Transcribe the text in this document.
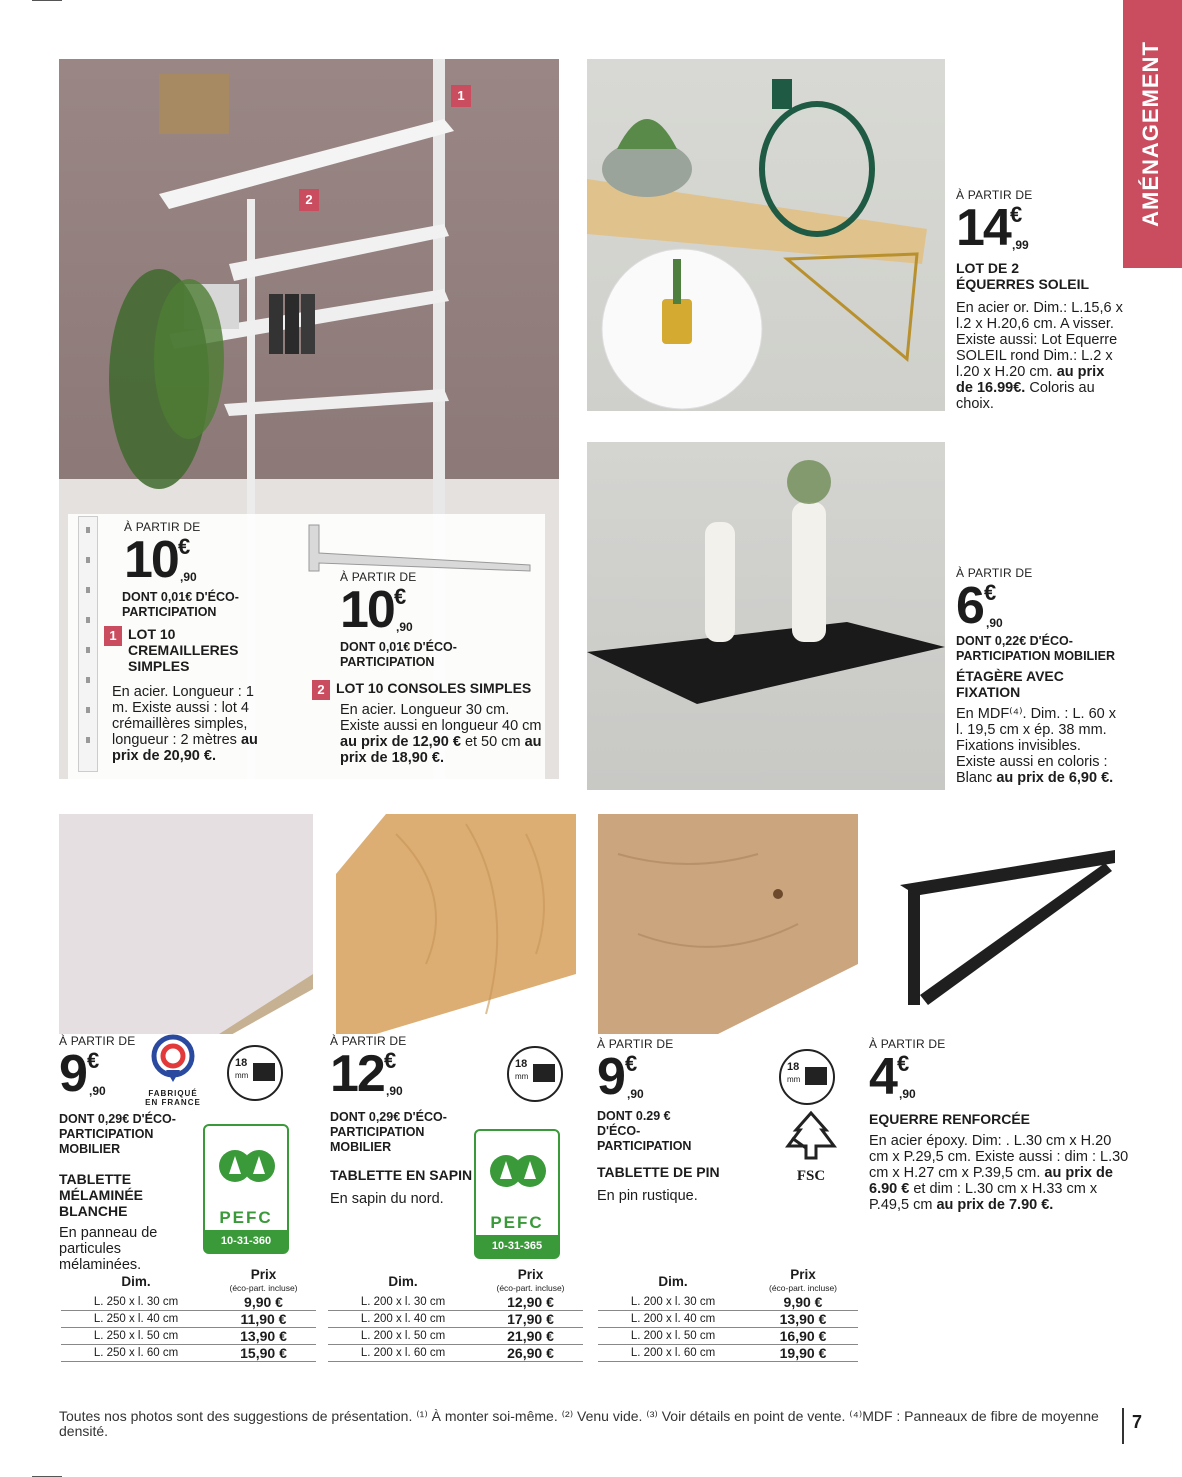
AMÉNAGEMENT
1
2
À PARTIR DE
10 €
,90
DONT 0,01€ D'ÉCO-PARTICIPATION
1 LOT 10 CREMAILLERES SIMPLES
En acier. Longueur : 1 m. Existe aussi : lot 4 crémaillères simples, longueur : 2 mètres au prix de 20,90 €.
À PARTIR DE
10 €
,90
DONT 0,01€ D'ÉCO-PARTICIPATION
2 LOT 10 CONSOLES SIMPLES
En acier. Longueur 30 cm. Existe aussi en longueur 40 cm au prix de 12,90 € et 50 cm au prix de 18,90 €.
À PARTIR DE
14 €
,99
LOT DE 2 ÉQUERRES SOLEIL
En acier or. Dim.: L.15,6 x l.2 x H.20,6 cm. A visser. Existe aussi: Lot Equerre SOLEIL rond Dim.: L.2 x l.20 x H.20 cm. au prix de 16.99€. Coloris au choix.
À PARTIR DE
6 €
,90
DONT 0,22€ D'ÉCO-PARTICIPATION MOBILIER
ÉTAGÈRE AVEC FIXATION
En MDF⁽⁴⁾. Dim. : L. 60 x l. 19,5 cm x ép. 38 mm. Fixations invisibles. Existe aussi en coloris : Blanc au prix de 6,90 €.
À PARTIR DE
9 €
,90
DONT 0,29€ D'ÉCO-PARTICIPATION MOBILIER
TABLETTE MÉLAMINÉE BLANCHE
En panneau de particules mélaminées.
FABRIQUÉ EN FRANCE
18
mm
18
mm
18
mm
PEFC
10-31-360
PEFC
10-31-365
FSC
À PARTIR DE
12 €
,90
DONT 0,29€ D'ÉCO-PARTICIPATION MOBILIER
TABLETTE EN SAPIN
En sapin du nord.
À PARTIR DE
9 €
,90
DONT 0.29 € D'ÉCO-PARTICIPATION
TABLETTE DE PIN
En pin rustique.
À PARTIR DE
4 €
,90
EQUERRE RENFORCÉE
En acier époxy. Dim: . L.30 cm x H.20 cm x P.29,5 cm. Existe aussi : dim : L.30 cm x H.27 cm x P.39,5 cm. au prix de 6.90 € et dim : L.30 cm x H.33 cm x P.49,5 cm au prix de 7.90 €.
Dim.	Prix
(éco-part. incluse)
L. 250 x l. 30 cm	9,90 €
L. 250 x l. 40 cm	11,90 €
L. 250 x l. 50 cm	13,90 €
L. 250 x l. 60 cm	15,90 €
Dim.	Prix
(éco-part. incluse)
L. 200 x l. 30 cm	12,90 €
L. 200 x l. 40 cm	17,90 €
L. 200 x l. 50 cm	21,90 €
L. 200 x l. 60 cm	26,90 €
Dim.	Prix
(éco-part. incluse)
L. 200 x l. 30 cm	9,90 €
L. 200 x l. 40 cm	13,90 €
L. 200 x l. 50 cm	16,90 €
L. 200 x l. 60 cm	19,90 €
Toutes nos photos sont des suggestions de présentation. ⁽¹⁾ À monter soi-même. ⁽²⁾ Venu vide. ⁽³⁾ Voir détails en point de vente. ⁽⁴⁾MDF : Panneaux de fibre de moyenne densité.	7
